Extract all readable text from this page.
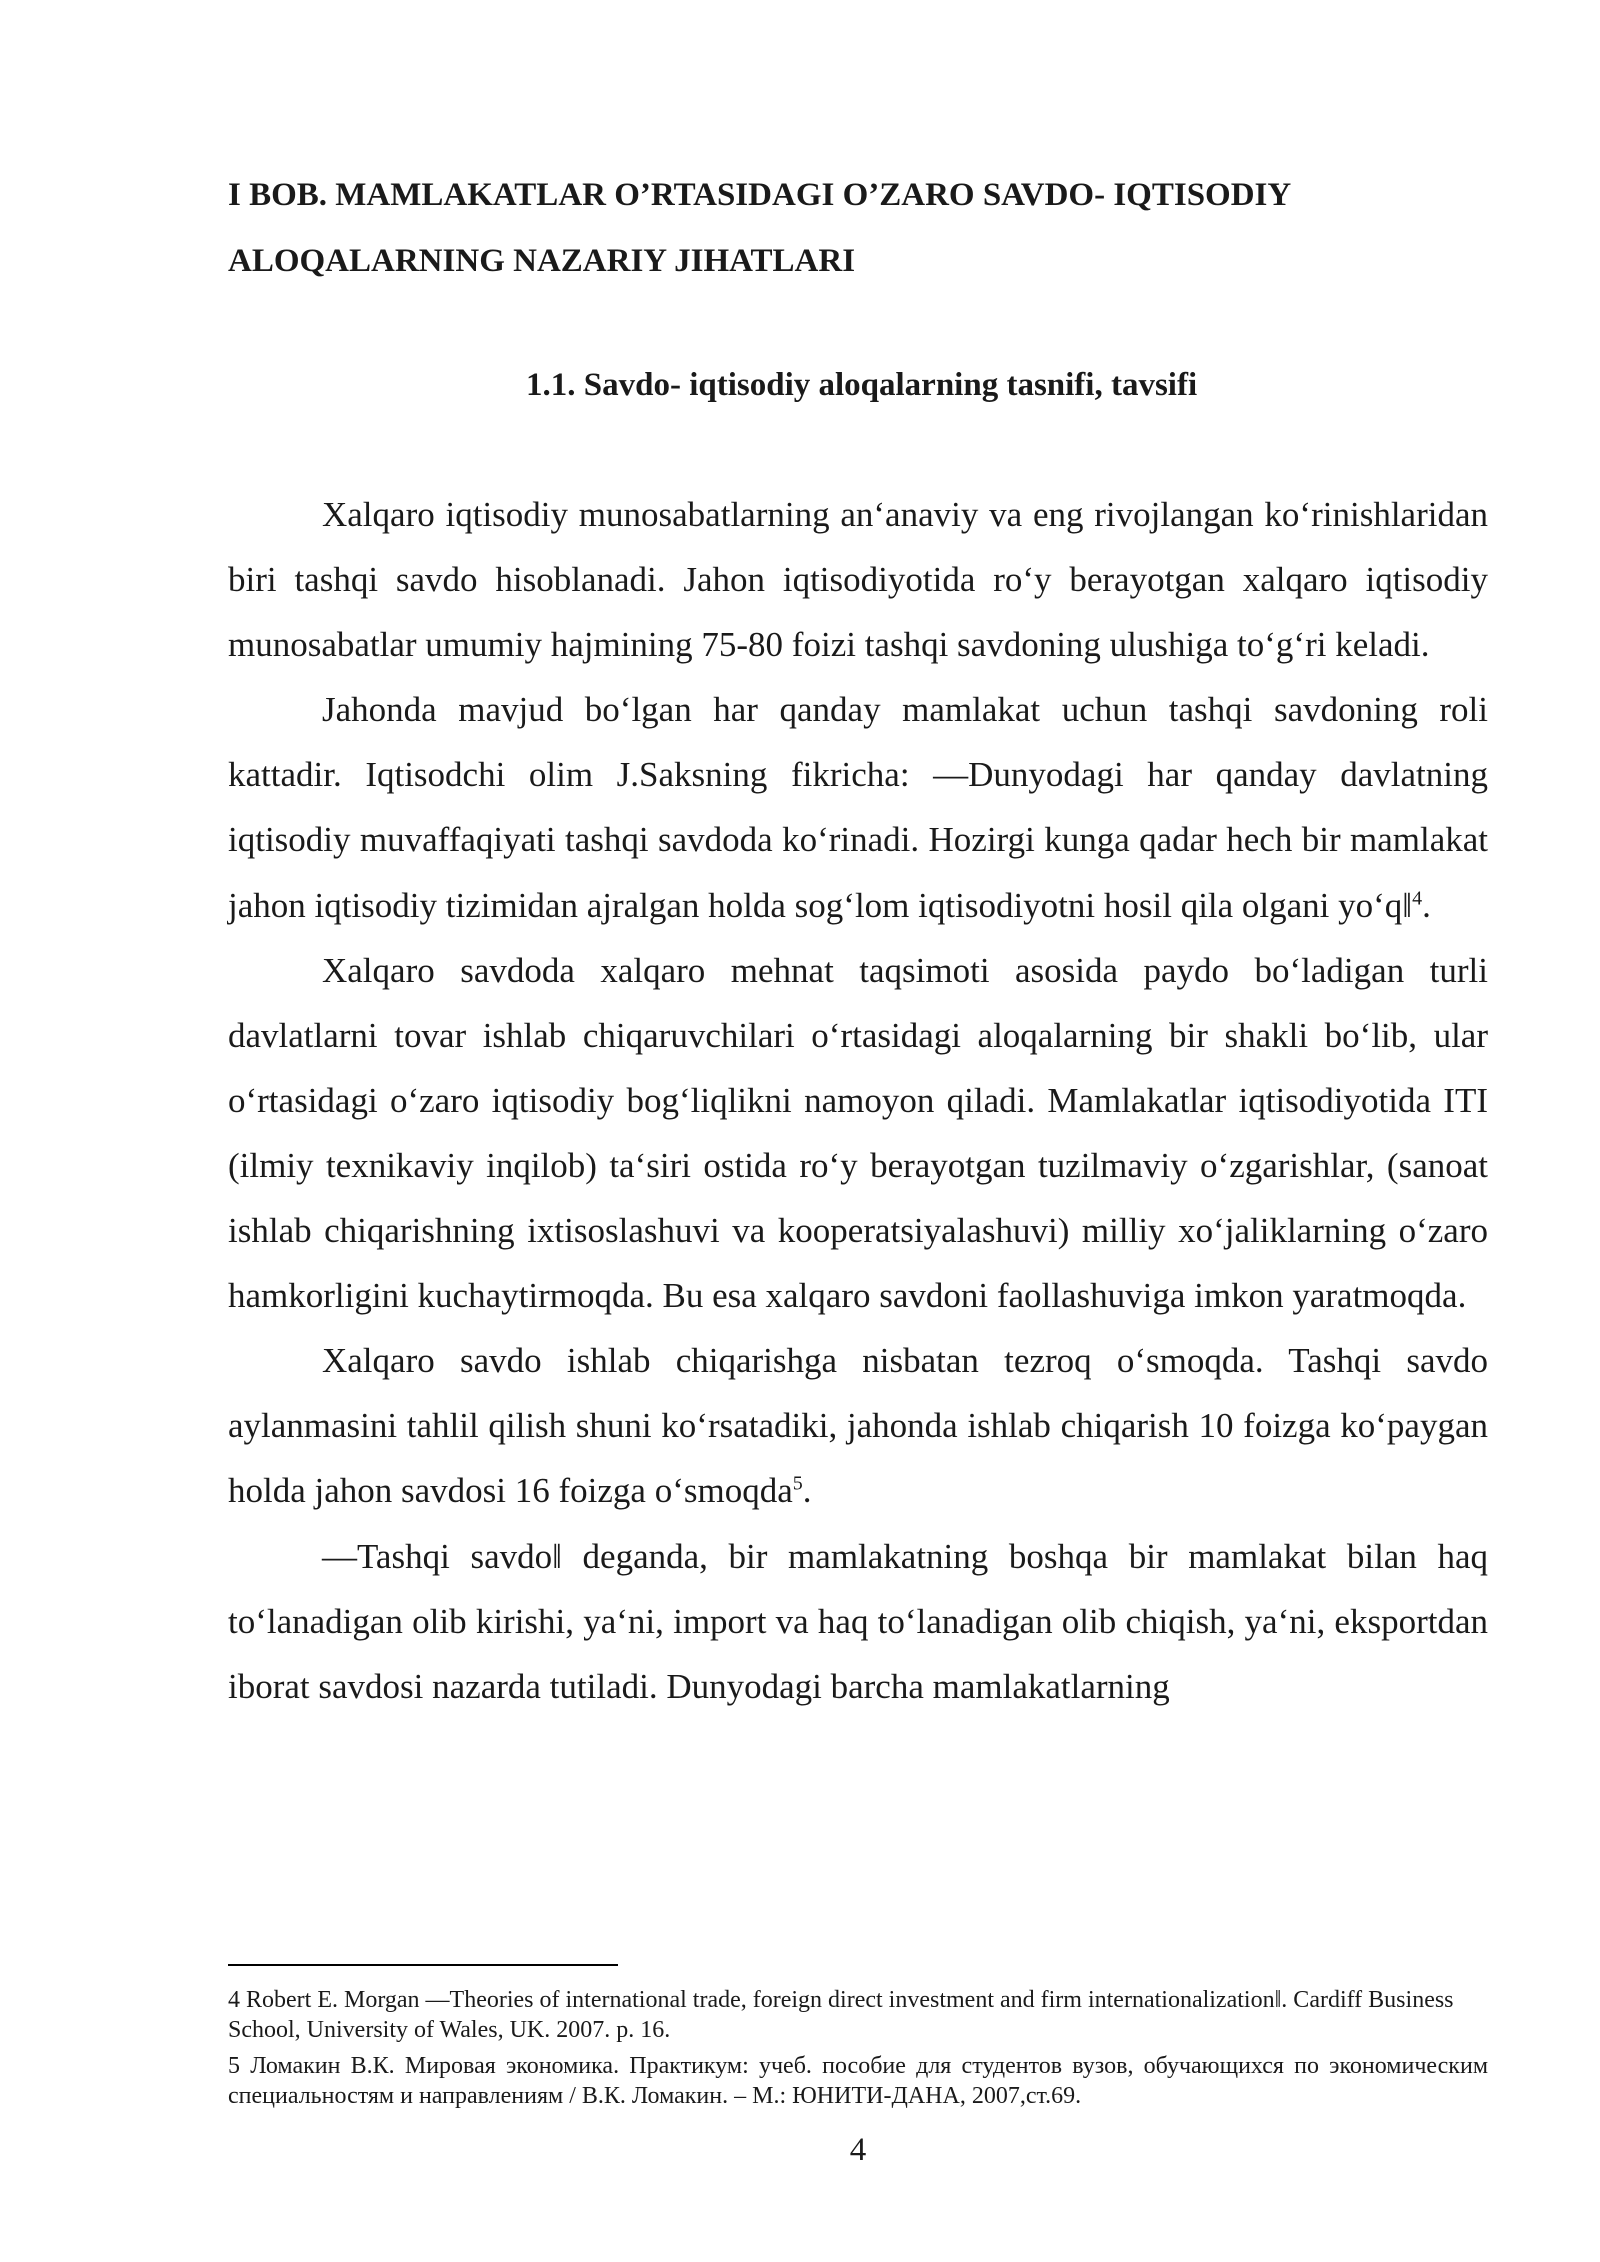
I BOB. MAMLAKATLAR O’RTASIDAGI O’ZARO SAVDO- IQTISODIY ALOQALARNING NAZARIY JIHATLARI
1.1. Savdo- iqtisodiy aloqalarning tasnifi, tavsifi

Xalqaro iqtisodiy munosabatlarning an‘anaviy va eng rivojlangan ko‘rinishlaridan biri tashqi savdo hisoblanadi. Jahon iqtisodiyotida ro‘y berayotgan xalqaro iqtisodiy munosabatlar umumiy hajmining 75-80 foizi tashqi savdoning ulushiga to‘g‘ri keladi.

Jahonda mavjud bo‘lgan har qanday mamlakat uchun tashqi savdoning roli kattadir. Iqtisodchi olim J.Saksning fikricha: ―Dunyodagi har qanday davlatning iqtisodiy muvaffaqiyati tashqi savdoda ko‘rinadi. Hozirgi kunga qadar hech bir mamlakat jahon iqtisodiy tizimidan ajralgan holda sog‘lom iqtisodiyotni hosil qila olgani yo‘q‖$^4$.

Xalqaro savdoda xalqaro mehnat taqsimoti asosida paydo bo‘ladigan turli davlatlarni tovar ishlab chiqaruvchilari o‘rtasidagi aloqalarning bir shakli bo‘lib, ular o‘rtasidagi o‘zaro iqtisodiy bog‘liqlikni namoyon qiladi. Mamlakatlar iqtisodiyotida ITI (ilmiy texnikaviy inqilob) ta‘siri ostida ro‘y berayotgan tuzilmaviy o‘zgarishlar, (sanoat ishlab chiqarishning ixtisoslashuvi va kooperatsiyalashuvi) milliy xo‘jaliklarning o‘zaro hamkorligini kuchaytirmoqda. Bu esa xalqaro savdoni faollashuviga imkon yaratmoqda.

Xalqaro savdo ishlab chiqarishga nisbatan tezroq o‘smoqda. Tashqi savdo aylanmasini tahlil qilish shuni ko‘rsatadiki, jahonda ishlab chiqarish 10 foizga ko‘paygan holda jahon savdosi 16 foizga o‘smoqda$^5$.

―Tashqi savdo‖ deganda, bir mamlakatning boshqa bir mamlakat bilan haq to‘lanadigan olib kirishi, ya‘ni, import va haq to‘lanadigan olib chiqish, ya‘ni, eksportdan iborat savdosi nazarda tutiladi. Dunyodagi barcha mamlakatlarning

4 Robert E. Morgan ―Theories of international trade, foreign direct investment and firm internationalization‖. Cardiff Business School, University of Wales, UK. 2007. p. 16.

5 Ломакин В.К. Мировая экономика. Практикум: учеб. пособие для студентов вузов, обучающихся по экономическим специальностям и направлениям / В.К. Ломакин. – М.: ЮНИТИ-ДАНА, 2007,ст.69.

4
